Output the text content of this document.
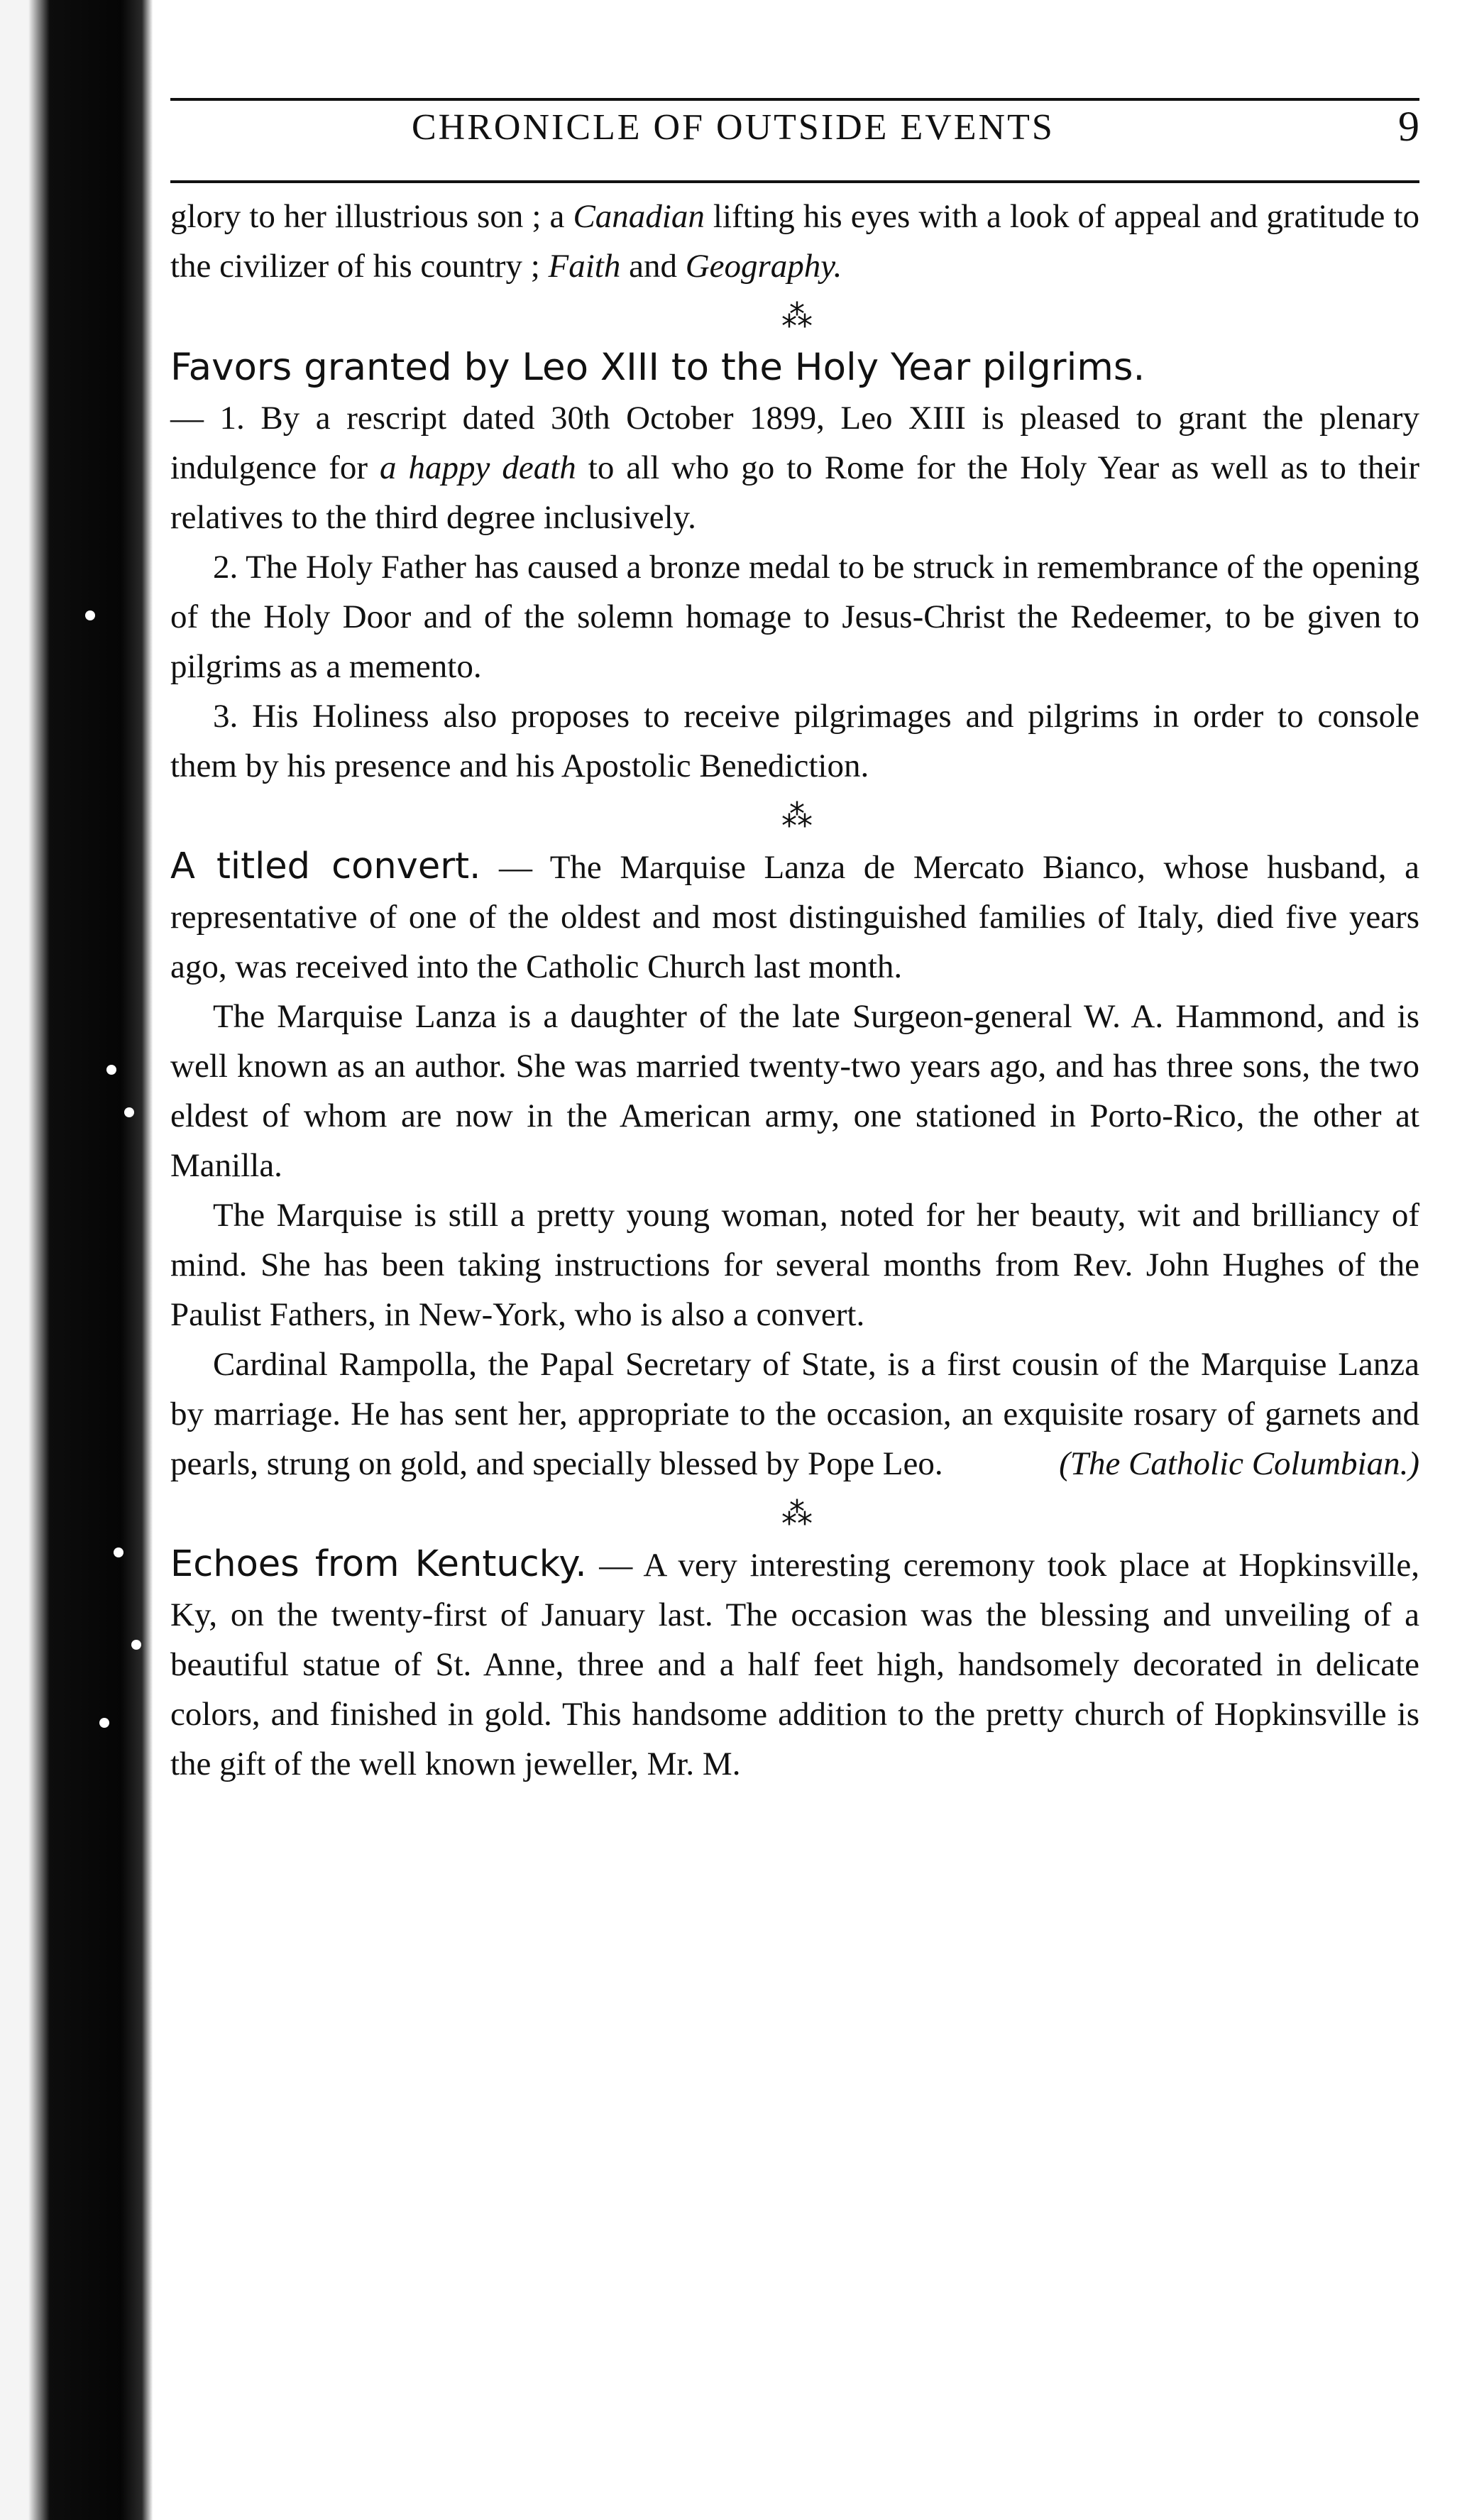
CHRONICLE OF OUTSIDE EVENTS	9

glory to her illustrious son ; a Canadian lifting his eyes with a look of appeal and gratitude to the civilizer of his country ; Faith and Geography.

⁂

Favors granted by Leo XIII to the Holy Year pilgrims.

— 1. By a rescript dated 30th October 1899, Leo XIII is pleased to grant the plenary indulgence for a happy death to all who go to Rome for the Holy Year as well as to their relatives to the third degree inclusively.

2. The Holy Father has caused a bronze medal to be struck in remembrance of the opening of the Holy Door and of the solemn homage to Jesus-Christ the Redeemer, to be given to pilgrims as a memento.

3. His Holiness also proposes to receive pilgrimages and pilgrims in order to console them by his presence and his Apostolic Benediction.

⁂

A titled convert. — The Marquise Lanza de Mercato Bianco, whose husband, a representative of one of the oldest and most distinguished families of Italy, died five years ago, was received into the Catholic Church last month.

The Marquise Lanza is a daughter of the late Surgeon-general W. A. Hammond, and is well known as an author. She was married twenty-two years ago, and has three sons, the two eldest of whom are now in the American army, one stationed in Porto-Rico, the other at Manilla.

The Marquise is still a pretty young woman, noted for her beauty, wit and brilliancy of mind. She has been taking instructions for several months from Rev. John Hughes of the Paulist Fathers, in New-York, who is also a convert.

Cardinal Rampolla, the Papal Secretary of State, is a first cousin of the Marquise Lanza by marriage. He has sent her, appropriate to the occasion, an exquisite rosary of garnets and pearls, strung on gold, and specially blessed by Pope Leo.	(The Catholic Columbian.)

⁂

Echoes from Kentucky. — A very interesting ceremony took place at Hopkinsville, Ky, on the twenty-first of January last. The occasion was the blessing and unveiling of a beautiful statue of St. Anne, three and a half feet high, handsomely decorated in delicate colors, and finished in gold. This handsome addition to the pretty church of Hopkinsville is the gift of the well known jeweller, Mr. M.
